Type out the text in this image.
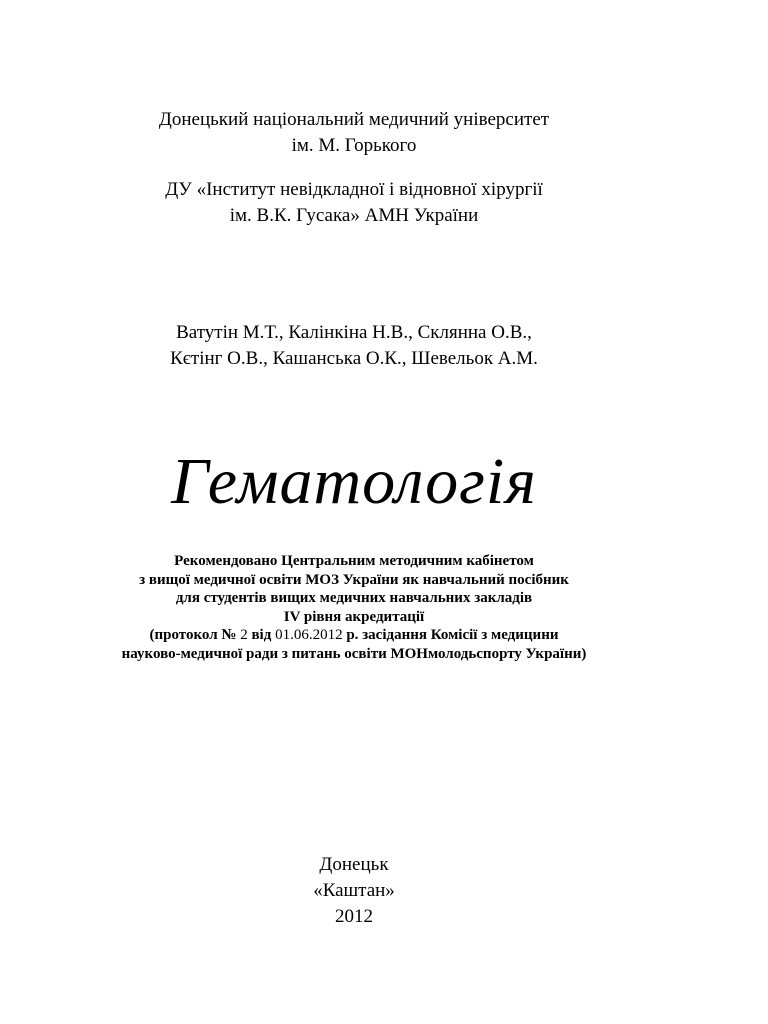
Донецький національний медичний університет
ім. М. Горького
ДУ «Інститут невідкладної і відновної хірургії
ім. В.К. Гусака» АМН України
Ватутін М.Т., Калінкіна Н.В., Склянна О.В.,
Кєтінг О.В., Кашанська О.К., Шевельок А.М.
Гематологія
Рекомендовано Центральним методичним кабінетом
з вищої медичної освіти МОЗ України як навчальний посібник
для студентів вищих медичних навчальних закладів
IV рівня акредитації
(протокол № 2 від 01.06.2012 р. засідання Комісії з медицини
науково-медичної ради з питань освіти МОНмолодьспорту України)
Донецьк
«Каштан»
2012
